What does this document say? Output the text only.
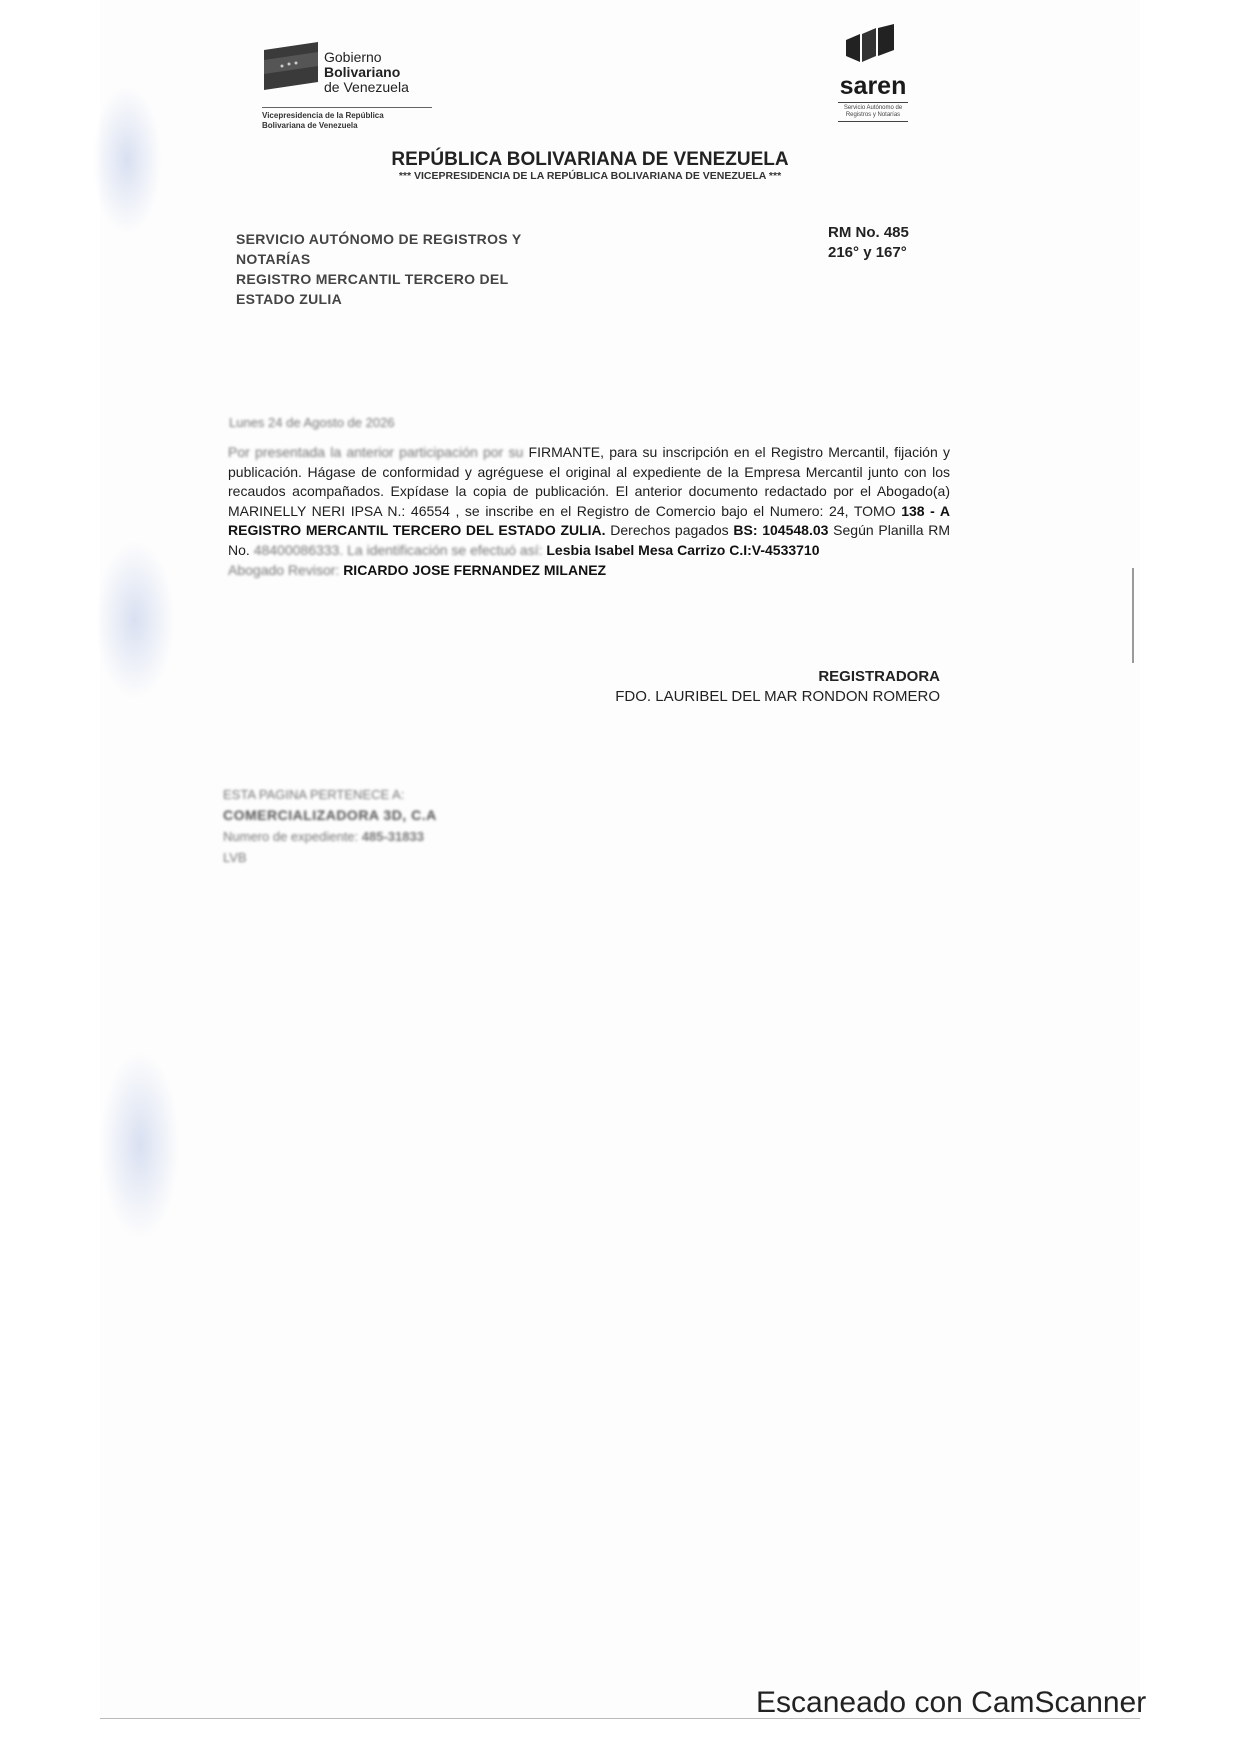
Gobierno
Bolivariano
de Venezuela
Vicepresidencia de la República
Bolivariana de Venezuela
saren
Servicio Autónomo de
Registros y Notarías
REPÚBLICA BOLIVARIANA DE VENEZUELA
*** VICEPRESIDENCIA DE LA REPÚBLICA BOLIVARIANA DE VENEZUELA ***
SERVICIO AUTÓNOMO DE REGISTROS Y
NOTARÍAS
REGISTRO MERCANTIL TERCERO DEL
ESTADO ZULIA
RM No. 485
216° y 167°
Lunes 24 de Agosto de 2026
Por presentada la anterior participación por su FIRMANTE, para su inscripción en el Registro Mercantil, fijación y publicación. Hágase de conformidad y agréguese el original al expediente de la Empresa Mercantil junto con los recaudos acompañados. Expídase la copia de publicación. El anterior documento redactado por el Abogado(a) MARINELLY NERI IPSA N.: 46554 , se inscribe en el Registro de Comercio bajo el Numero: 24, TOMO 138 - A REGISTRO MERCANTIL TERCERO DEL ESTADO ZULIA. Derechos pagados BS: 104548.03 Según Planilla RM No. 48400086333. La identificación se efectuó así: Lesbia Isabel Mesa Carrizo C.I:V-4533710
Abogado Revisor: RICARDO JOSE FERNANDEZ MILANEZ
REGISTRADORA
FDO. LAURIBEL DEL MAR RONDON ROMERO
ESTA PAGINA PERTENECE A:
COMERCIALIZADORA 3D, C.A
Numero de expediente: 485-31833
LVB
Escaneado con CamScanner
